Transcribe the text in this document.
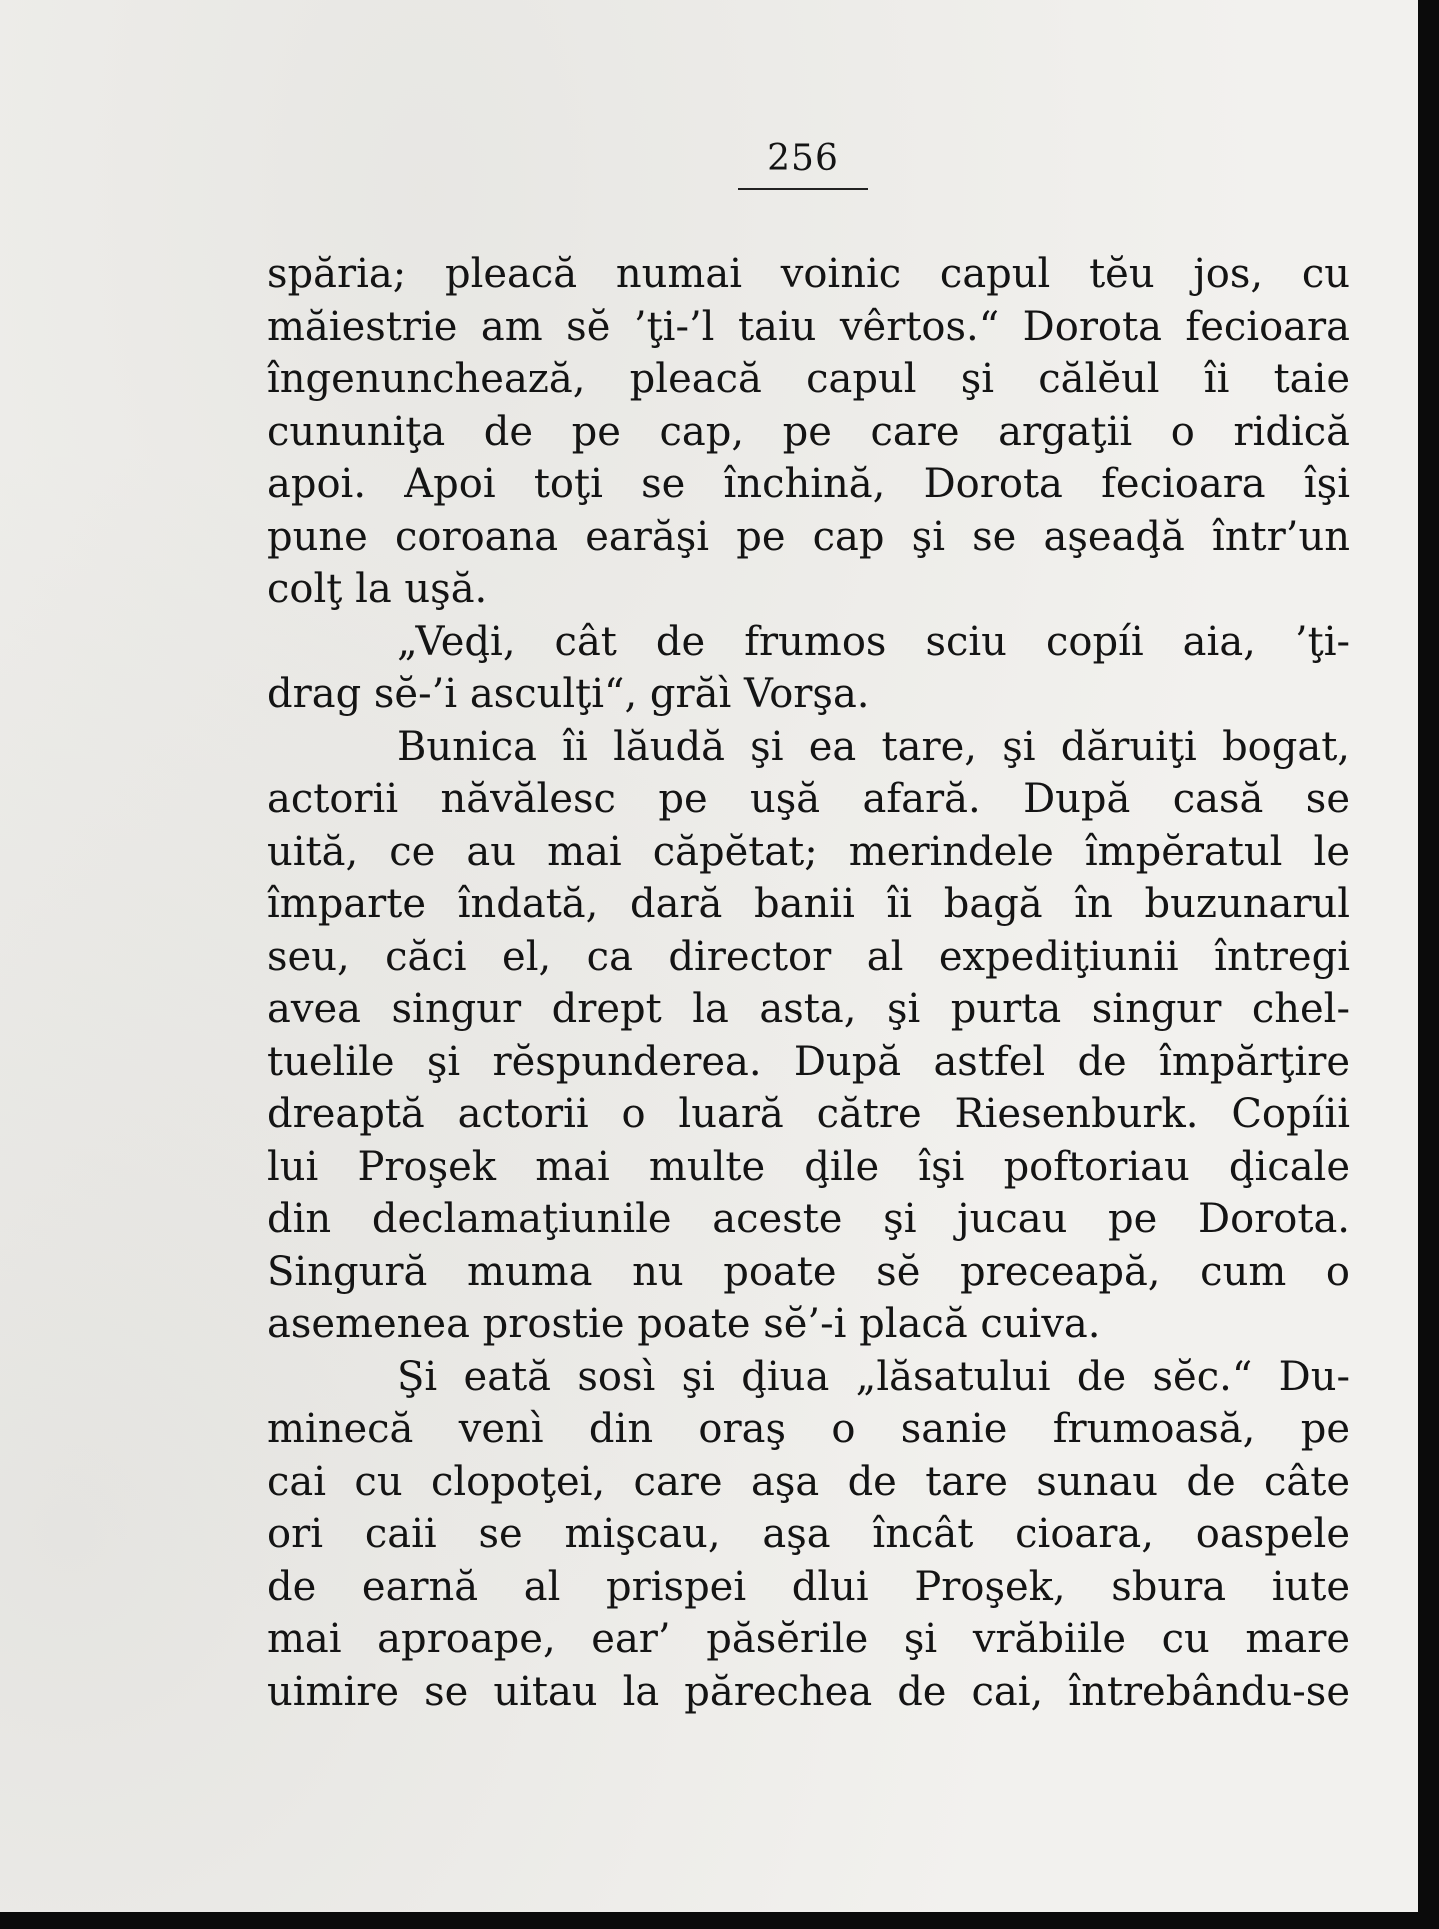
256
spăria; pleacă numai voinic capul tĕu jos, cu
măiestrie am sĕ ’ţi-’l taiu vêrtos.“ Dorota fecioara
îngenunchează, pleacă capul şi călĕul îi taie
cununiţa de pe cap, pe care argaţii o ridică
apoi. Apoi toţi se închină, Dorota fecioara îşi
pune coroana earăşi pe cap şi se aşeaḑă într’un
colţ la uşă.
„Veḑi, cât de frumos sciu copíi aia, ’ţi-
drag sĕ-’i asculţi“, grăì Vorşa.
Bunica îi lăudă şi ea tare, şi dăruiţi bogat,
actorii năvălesc pe uşă afară. După casă se
uită, ce au mai căpĕtat; merindele împĕratul le
împarte îndată, dară banii îi bagă în buzunarul
seu, căci el, ca director al expediţiunii întregi
avea singur drept la asta, şi purta singur chel-
tuelile şi rĕspunderea. După astfel de împărţire
dreaptă actorii o luară către Riesenburk. Copíii
lui Proşek mai multe ḑile îşi poftoriau ḑicale
din declamaţiunile aceste şi jucau pe Dorota.
Singură muma nu poate sĕ preceapă, cum o
asemenea prostie poate sĕ’-i placă cuiva.
Şi eată sosì şi ḑiua „lăsatului de sĕc.“ Du-
minecă venì din oraş o sanie frumoasă, pe
cai cu clopoţei, care aşa de tare sunau de câte
ori caii se mişcau, aşa încât cioara, oaspele
de earnă al prispei dlui Proşek, sbura iute
mai aproape, ear’ păsĕrile şi vrăbiile cu mare
uimire se uitau la părechea de cai, întrebându-se
